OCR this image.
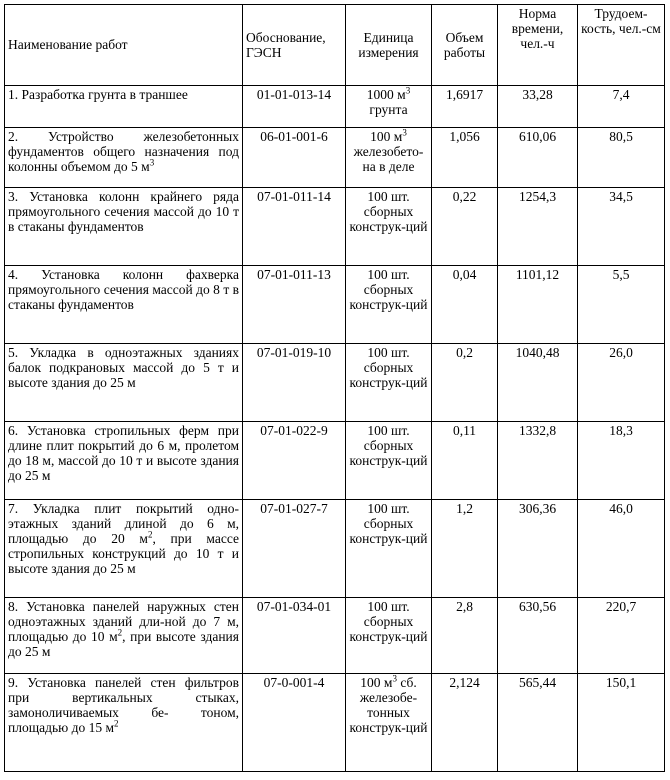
Наименование работ	Обоснование, ГЭСН	Единица измерения	Объем работы	Норма времени, чел.-ч	Трудоем-кость, чел.-см
1. Разработка грунта в траншее	01-01-013-14	1000 $м^3$ грунта	1,6917	33,28	7,4
2. Устройство железобетонных фундаментов общего назначения под колонны объемом до 5 $м^3$	06-01-001-6	100 $м^3$ железобето-на в деле	1,056	610,06	80,5
3. Установка колонн крайнего ряда прямоугольного сечения массой до 10 т в стаканы фундаментов	07-01-011-14	100 шт. сборных конструк-ций	0,22	1254,3	34,5
4. Установка колонн фахверка прямоугольного сечения массой до 8 т в стаканы фундаментов	07-01-011-13	100 шт. сборных конструк-ций	0,04	1101,12	5,5
5. Укладка в одноэтажных зданиях балок подкрановых массой до 5 т и высоте здания до 25 м	07-01-019-10	100 шт. сборных конструк-ций	0,2	1040,48	26,0
6. Установка стропильных ферм при длине плит покрытий до 6 м, пролетом до 18 м, массой до 10 т и высоте здания до 25 м	07-01-022-9	100 шт. сборных конструк-ций	0,11	1332,8	18,3
7. Укладка плит покрытий одно-этажных зданий длиной до 6 м, площадью до 20 $м^2$, при массе стропильных конструкций до 10 т и высоте здания до 25 м	07-01-027-7	100 шт. сборных конструк-ций	1,2	306,36	46,0
8. Установка панелей наружных стен одноэтажных зданий дли-ной до 7 м, площадью до 10 $м^2$, при высоте здания до 25 м	07-01-034-01	100 шт. сборных конструк-ций	2,8	630,56	220,7
9. Установка панелей стен фильтров при вертикальных стыках, замоноличиваемых бе- тоном, площадью до 15 $м^2$	07-0-001-4	100 $м^3$ сб. железобе-тонных конструк-ций	2,124	565,44	150,1
